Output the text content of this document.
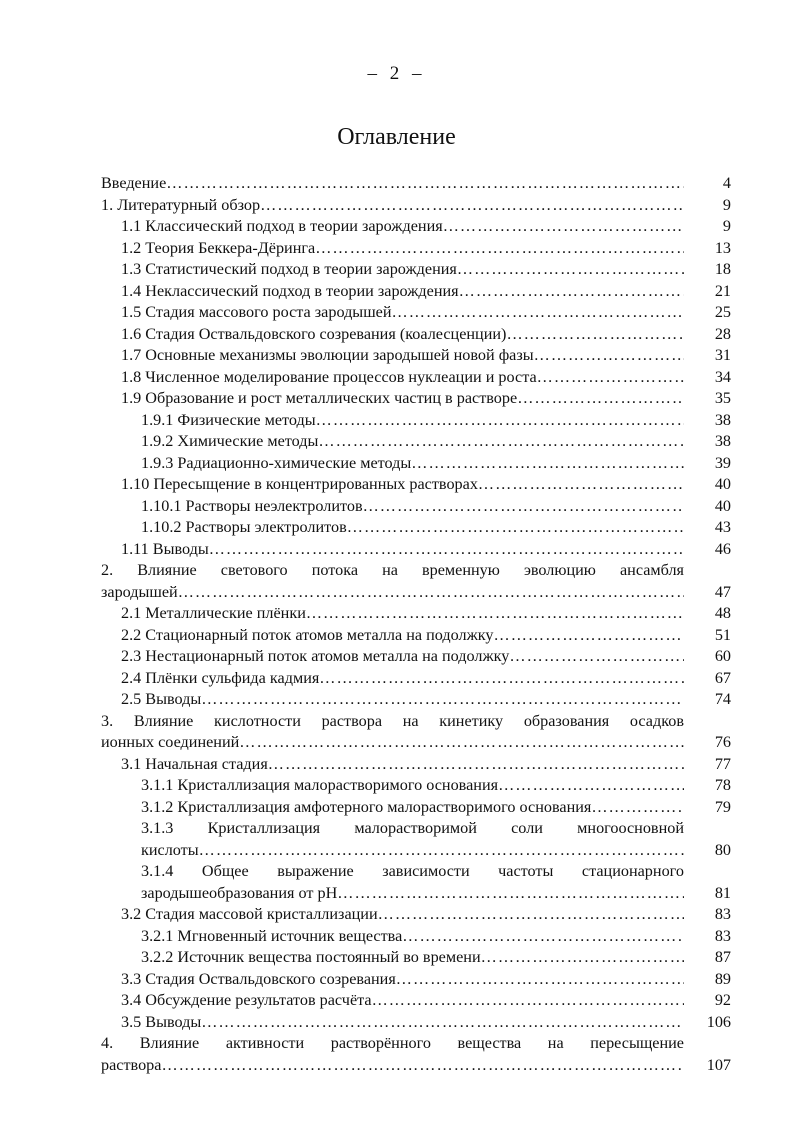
– 2 –
Оглавление
Введение …………………………………………………………………………………………………………………………………………	4
1. Литературный обзор …………………………………………………………………………………………………………………………………………	9
1.1 Классический подход в теории зарождения …………………………………………………………………………………………………………………………………………	9
1.2 Теория Беккера-Дёринга …………………………………………………………………………………………………………………………………………	13
1.3 Статистический подход в теории зарождения …………………………………………………………………………………………………………………………………………	18
1.4 Неклассический подход в теории зарождения …………………………………………………………………………………………………………………………………………	21
1.5 Стадия массового роста зародышей …………………………………………………………………………………………………………………………………………	25
1.6 Стадия Оствальдовского созревания (коалесценции) …………………………………………………………………………………………………………………………………………	28
1.7 Основные механизмы эволюции зародышей новой фазы …………………………………………………………………………………………………………………………………………	31
1.8 Численное моделирование процессов нуклеации и роста …………………………………………………………………………………………………………………………………………	34
1.9 Образование и рост металлических частиц в растворе …………………………………………………………………………………………………………………………………………	35
1.9.1 Физические методы …………………………………………………………………………………………………………………………………………	38
1.9.2 Химические методы …………………………………………………………………………………………………………………………………………	38
1.9.3 Радиационно-химические методы …………………………………………………………………………………………………………………………………………	39
1.10 Пересыщение в концентрированных растворах …………………………………………………………………………………………………………………………………………	40
1.10.1 Растворы неэлектролитов …………………………………………………………………………………………………………………………………………	40
1.10.2 Растворы электролитов …………………………………………………………………………………………………………………………………………	43
1.11 Выводы …………………………………………………………………………………………………………………………………………	46
2. Влияние светового потока на временную эволюцию ансамбля
зародышей …………………………………………………………………………………………………………………………………………	47
2.1 Металлические плёнки …………………………………………………………………………………………………………………………………………	48
2.2 Стационарный поток атомов металла на подолжку …………………………………………………………………………………………………………………………………………	51
2.3 Нестационарный поток атомов металла на подолжку …………………………………………………………………………………………………………………………………………	60
2.4 Плёнки сульфида кадмия …………………………………………………………………………………………………………………………………………	67
2.5 Выводы …………………………………………………………………………………………………………………………………………	74
3. Влияние кислотности раствора на кинетику образования осадков
ионных соединений …………………………………………………………………………………………………………………………………………	76
3.1 Начальная стадия …………………………………………………………………………………………………………………………………………	77
3.1.1 Кристаллизация малорастворимого основания …………………………………………………………………………………………………………………………………………	78
3.1.2 Кристаллизация амфотерного малорастворимого основания …………………………………………………………………………………………………………………………………………	79
3.1.3 Кристаллизация малорастворимой соли многоосновной
кислоты …………………………………………………………………………………………………………………………………………	80
3.1.4 Общее выражение зависимости частоты стационарного
зародышеобразования от pH …………………………………………………………………………………………………………………………………………	81
3.2 Стадия массовой кристаллизации …………………………………………………………………………………………………………………………………………	83
3.2.1 Мгновенный источник вещества …………………………………………………………………………………………………………………………………………	83
3.2.2 Источник вещества постоянный во времени …………………………………………………………………………………………………………………………………………	87
3.3 Стадия Оствальдовского созревания …………………………………………………………………………………………………………………………………………	89
3.4 Обсуждение результатов расчёта …………………………………………………………………………………………………………………………………………	92
3.5 Выводы …………………………………………………………………………………………………………………………………………	106
4. Влияние активности растворённого вещества на пересыщение
раствора …………………………………………………………………………………………………………………………………………	107
